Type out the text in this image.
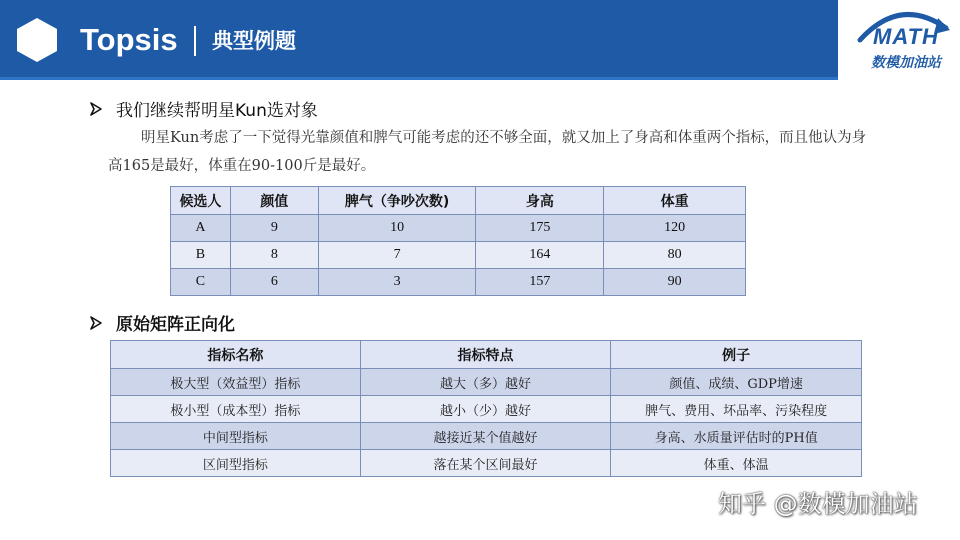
Topsis 典型例题	MATH
数模加油站
我们继续帮明星Kun选对象
明星Kun考虑了一下觉得光靠颜值和脾气可能考虑的还不够全面，就又加上了身高和体重两个指标，而且他认为身高165是最好，体重在90-100斤是最好。
候选人	颜值	脾气（争吵次数)	身高	体重
A	9	10	175	120
B	8	7	164	80
C	6	3	157	90
原始矩阵正向化
指标名称	指标特点	例子
极大型（效益型）指标	越大（多）越好	颜值、成绩、GDP增速
极小型（成本型）指标	越小（少）越好	脾气、费用、坏品率、污染程度
中间型指标	越接近某个值越好	身高、水质量评估时的PH值
区间型指标	落在某个区间最好	体重、体温
知乎 @数模加油站
